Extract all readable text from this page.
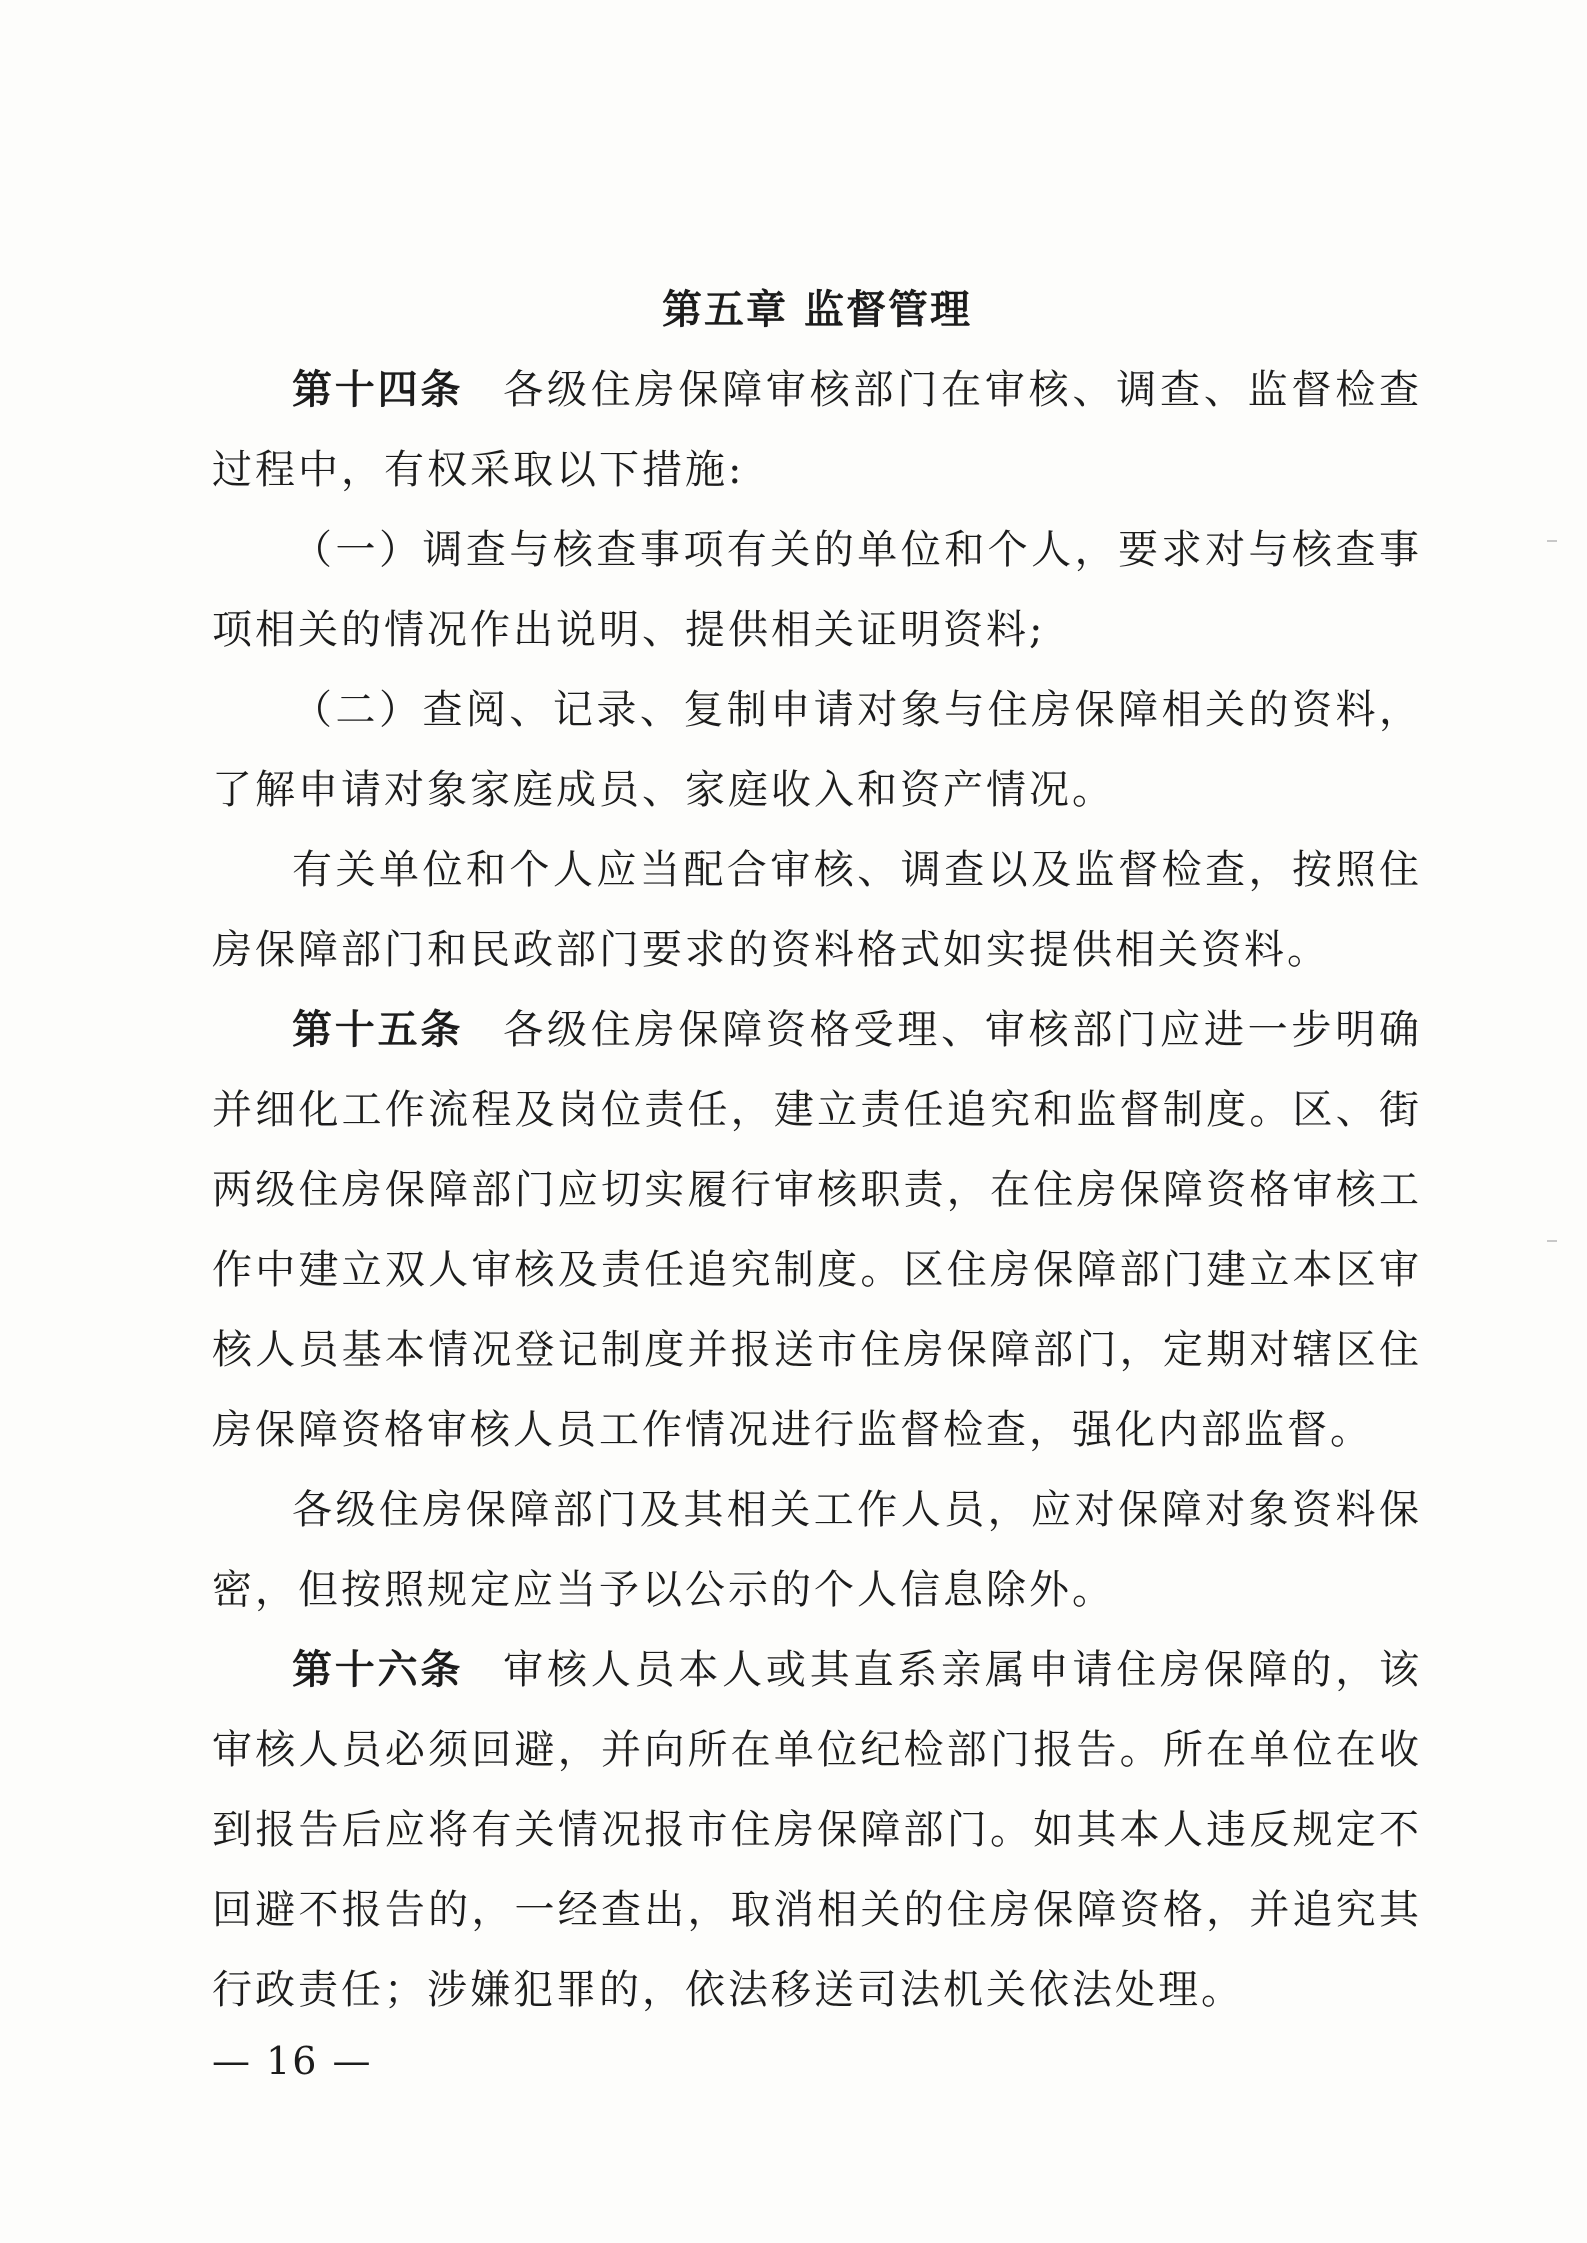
第五章 监督管理

第十四条 各级住房保障审核部门在审核、调查、监督检查过程中，有权采取以下措施:

（一）调查与核查事项有关的单位和个人，要求对与核查事项相关的情况作出说明、提供相关证明资料;

（二）查阅、记录、复制申请对象与住房保障相关的资料，了解申请对象家庭成员、家庭收入和资产情况。

有关单位和个人应当配合审核、调查以及监督检查，按照住房保障部门和民政部门要求的资料格式如实提供相关资料。

第十五条 各级住房保障资格受理、审核部门应进一步明确并细化工作流程及岗位责任，建立责任追究和监督制度。区、街两级住房保障部门应切实履行审核职责，在住房保障资格审核工作中建立双人审核及责任追究制度。区住房保障部门建立本区审核人员基本情况登记制度并报送市住房保障部门，定期对辖区住房保障资格审核人员工作情况进行监督检查，强化内部监督。

各级住房保障部门及其相关工作人员，应对保障对象资料保密，但按照规定应当予以公示的个人信息除外。

第十六条 审核人员本人或其直系亲属申请住房保障的，该审核人员必须回避，并向所在单位纪检部门报告。所在单位在收到报告后应将有关情况报市住房保障部门。如其本人违反规定不回避不报告的，一经查出，取消相关的住房保障资格，并追究其行政责任；涉嫌犯罪的，依法移送司法机关依法处理。

— 16 —
